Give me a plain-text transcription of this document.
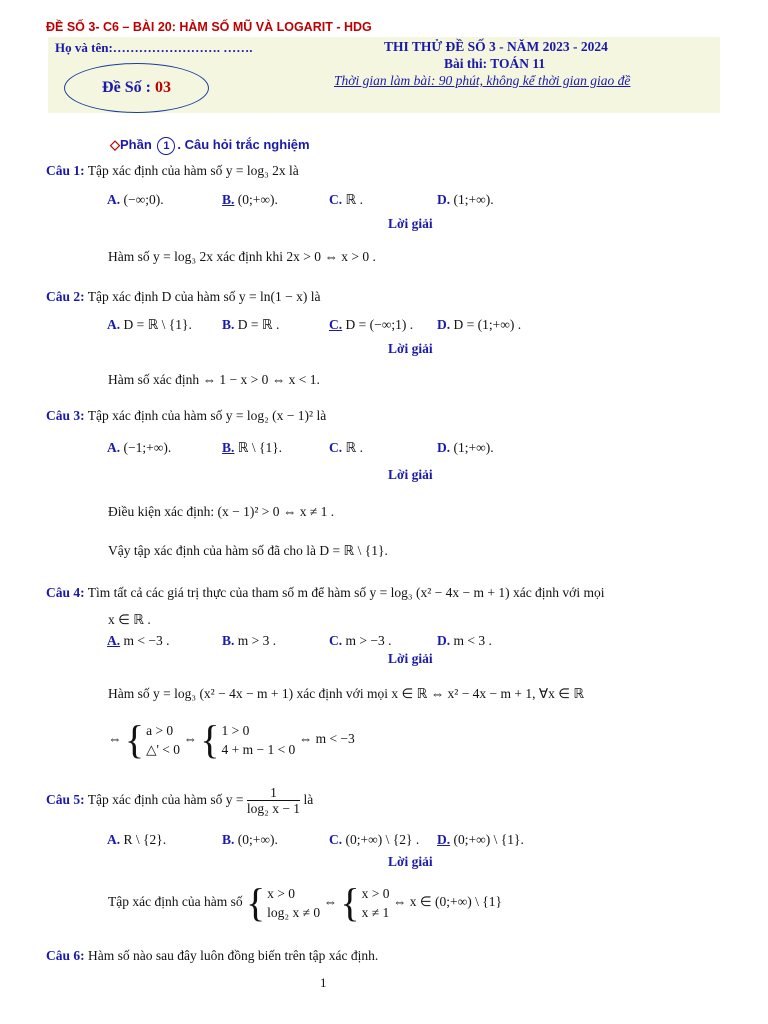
ĐỀ SỐ 3- C6 – BÀI 20: HÀM SỐ MŨ VÀ LOGARIT - HDG
Họ và tên:……………………. …….	THI THỬ ĐỀ SỐ 3 - NĂM 2023 - 2024
Bài thi: TOÁN 11
Thời gian làm bài: 90 phút, không kể thời gian giao đề
Đề Số :
03
◇Phần 1 . Câu hỏi trắc nghiệm
Câu 1: Tập xác định của hàm số y = log₃ 2x là
A. (−∞;0).	B. (0;+∞).	C. ℝ .	D. (1;+∞).
Lời giải
Hàm số y = log₃ 2x xác định khi 2x > 0 ⇔ x > 0 .
Câu 2: Tập xác định D của hàm số y = ln(1 − x) là
A. D = ℝ \ {1}. B. D = ℝ .	C. D = (−∞;1) . D. D = (1;+∞) .
Lời giải
Hàm số xác định ⇔ 1 − x > 0 ⇔ x < 1.
Câu 3: Tập xác định của hàm số y = log₂ (x − 1)² là
A. (−1;+∞).	B. ℝ \ {1}.	C. ℝ .	D. (1;+∞).
Lời giải
Điều kiện xác định: (x − 1)² > 0 ⇔ x ≠ 1 .
Vậy tập xác định của hàm số đã cho là D = ℝ \ {1}.
Câu 4: Tìm tất cả các giá trị thực của tham số m để hàm số y = log₃ (x² − 4x − m + 1) xác định với mọi
x ∈ ℝ .
A. m < −3 .	B. m > 3 .	C. m > −3 .	D. m < 3 .
Lời giải
Hàm số y = log₃ (x² − 4x − m + 1) xác định với mọi x ∈ ℝ ⇔ x² − 4x − m + 1, ∀x ∈ ℝ
⇔ { a > 0
△' < 0 ⇔ { 1 > 0
4 + m − 1 < 0 ⇔ m < −3
Câu 5: Tập xác định của hàm số $y = \frac{1}{\text{log₂ x − 1}}$ là
A. R \ {2}.	B. (0;+∞).	C. (0;+∞) \ {2} . D. (0;+∞) \ {1}.
Lời giải
Tập xác định của hàm số { x > 0
log₂ x ≠ 0 ⇔ { x > 0
x ≠ 1 ⇔ x ∈ (0;+∞) \ {1}
Câu 6: Hàm số nào sau đây luôn đồng biến trên tập xác định.
1
